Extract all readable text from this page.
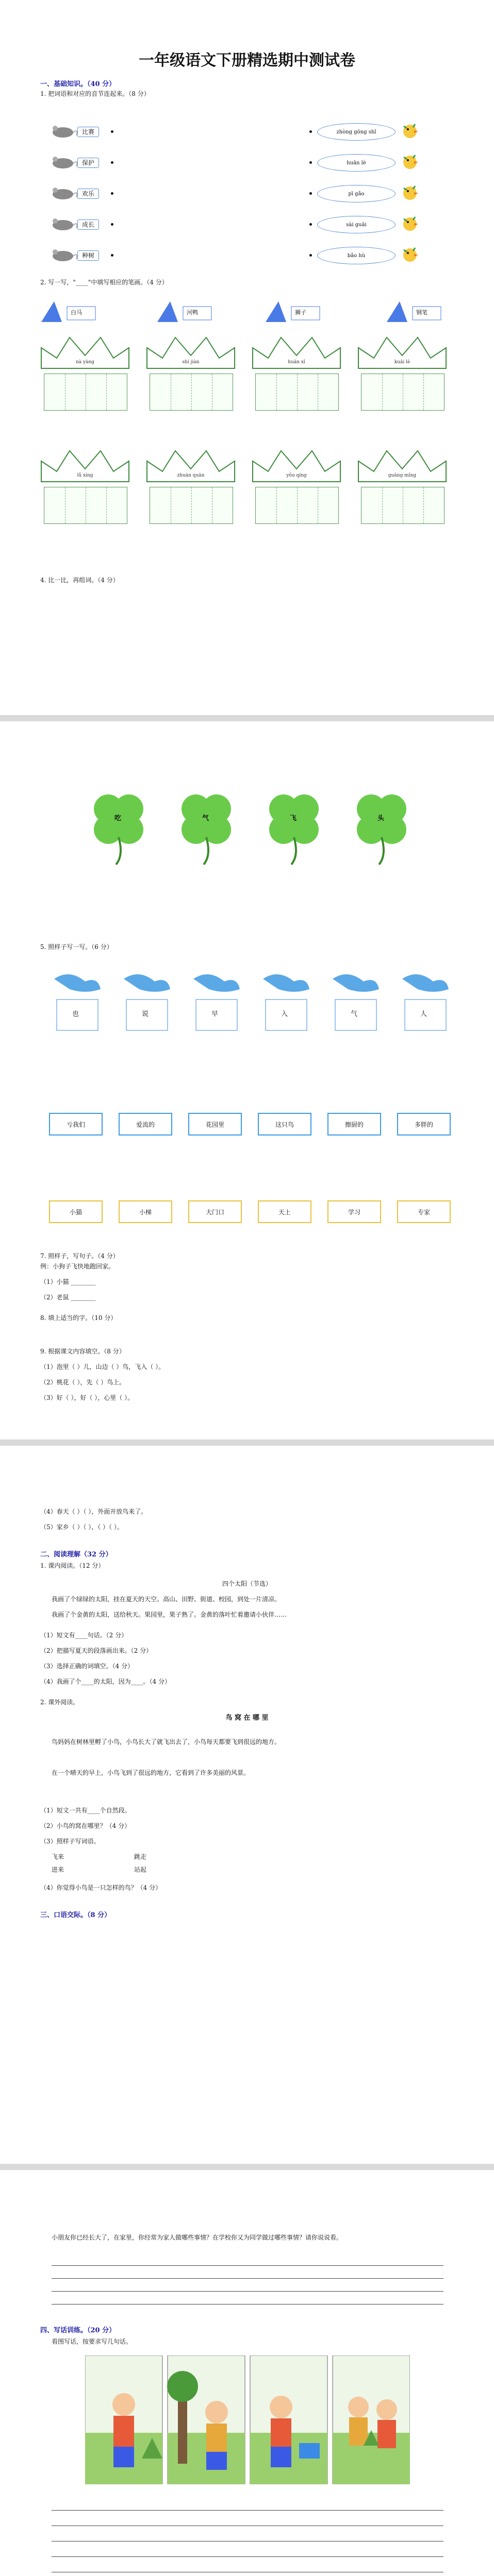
一年级语文下册精选期中测试卷
一、基础知识。（40 分）
1. 把词语和对应的音节连起来。（8 分）
2. 写一写，"____"中填写相应的笔画。（4 分）
4. 比一比，再组词。（4 分）
比赛
保护
欢乐
成长
种树
zhòng gōng shǐ
huān lè
pī gǎo
sài guāi
bǎo hù
白马	河鸭	狮子	钢笔
nà yàng	shí jiàn	huān xǐ	kuāi lè
lǚ xíng	zhuàn quān	yǒu qíng	guāng mǐng
5. 照样子写一写。（6 分）
7. 照样子，写句子。（4 分）
例：小狗子飞快地跑回家。
（1）小猫 ________
（2）老鼠 ________
8. 填上适当的字。（10 分）
9. 根据课文内容填空。（8 分）
（1）泡里（ ）儿，山边（ ）鸟，飞入（ ）。
（2）桃花（ ），先（ ）鸟上。
（3）好（ ），好（ ），心里（ ）。
吃	气	飞	头
也	说	早	入	气	人
亏我们	爱流的	花园里	这只鸟	擦厨的	多胖的
小猫	小梯	大门口	天上	学习	专家
（4）春天（ ）（ ），外面开放鸟来了。
（5）家乡（ ）（ ），（ ）（ ）。
二、阅读理解（32 分）
1. 课内阅读。（12 分）
四个太阳（节选）
我画了个绿绿的太阳，挂在夏天的天空。高山、田野、街道、校园，到处一片清凉。
我画了个金黄的太阳，送给秋天。果园里，果子熟了。金黄的落叶忙着邀请小伙伴……
（1）短文有____句话。（2 分）
（2）把描写夏天的段落画出来。（2 分）
（3）选择正确的词填空。（4 分）
（4）我画了个____的太阳，因为____。（4 分）
2. 课外阅读。
鸟 窝 在 哪 里
鸟妈妈在树林里孵了小鸟，小鸟长大了就飞出去了，小鸟每天都要飞到很远的地方。
在一个晴天的早上，小鸟飞到了很远的地方，它看到了许多美丽的风景。
（1）短文一共有____个自然段。
（2）小鸟的窝在哪里？（4 分）
（3）照样子写词语。
飞来	跳走
进来	站起
（4）你觉得小鸟是一只怎样的鸟？（4 分）
三、口语交际。（8 分）
小朋友你已经长大了，在家里，你经常为家人做哪些事情？在学校你又为同学做过哪些事情？请你说说看。
四、写话训练。（20 分）
看图写话，按要求写几句话。
